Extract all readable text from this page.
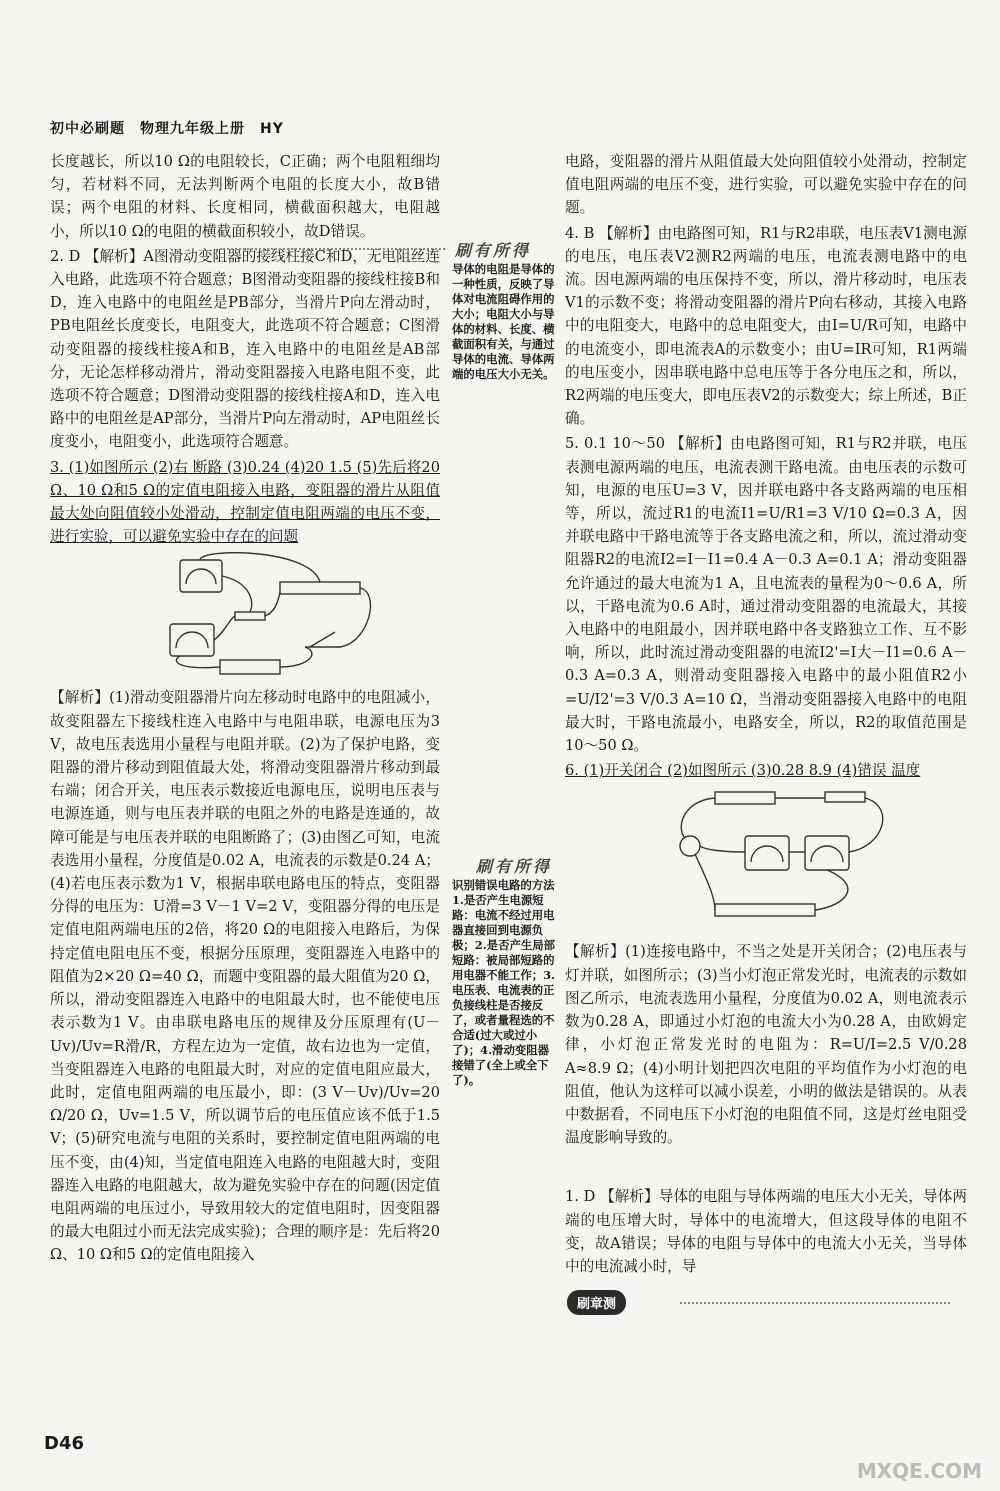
初中必刷题　物理九年级上册　HY

长度越长，所以10 Ω的电阻较长，C正确；两个电阻粗细均匀，若材料不同，无法判断两个电阻的长度大小，故B错误；两个电阻的材料、长度相同，横截面积越大，电阻越小，所以10 Ω的电阻的横截面积较小，故D错误。

2. D 【解析】A图滑动变阻器的接线柱接C和D，无电阻丝连入电路，此选项不符合题意；B图滑动变阻器的接线柱接B和D，连入电路中的电阻丝是PB部分，当滑片P向左滑动时，PB电阻丝长度变长，电阻变大，此选项不符合题意；C图滑动变阻器的接线柱接A和B，连入电路中的电阻丝是AB部分，无论怎样移动滑片，滑动变阻器接入电路电阻不变，此选项不符合题意；D图滑动变阻器的接线柱接A和D，连入电路中的电阻丝是AP部分，当滑片P向左滑动时，AP电阻丝长度变小，电阻变小，此选项符合题意。

3. (1)如图所示 (2)右 断路 (3)0.24 (4)20 1.5 (5)先后将20 Ω、10 Ω和5 Ω的定值电阻接入电路，变阻器的滑片从阻值最大处向阻值较小处滑动，控制定值电阻两端的电压不变，进行实验，可以避免实验中存在的问题

【解析】(1)滑动变阻器滑片向左移动时电路中的电阻减小，故变阻器左下接线柱连入电路中与电阻串联，电源电压为3 V，故电压表选用小量程与电阻并联。(2)为了保护电路，变阻器的滑片移动到阻值最大处，将滑动变阻器滑片移动到最右端；闭合开关，电压表示数接近电源电压，说明电压表与电源连通，则与电压表并联的电阻之外的电路是连通的，故障可能是与电压表并联的电阻断路了；(3)由图乙可知，电流表选用小量程，分度值是0.02 A，电流表的示数是0.24 A；(4)若电压表示数为1 V，根据串联电路电压的特点，变阻器分得的电压为：U滑=3 V－1 V=2 V，变阻器分得的电压是定值电阻两端电压的2倍，将20 Ω的电阻接入电路后，为保持定值电阻电压不变，根据分压原理，变阻器连入电路中的阻值为2×20 Ω=40 Ω，而题中变阻器的最大阻值为20 Ω，所以，滑动变阻器连入电路中的电阻最大时，也不能使电压表示数为1 V。由串联电路电压的规律及分压原理有(U－Uv)/Uv=R滑/R，方程左边为一定值，故右边也为一定值，当变阻器连入电路的电阻最大时，对应的定值电阻应最大，此时，定值电阻两端的电压最小，即：(3 V－Uv)/Uv=20 Ω/20 Ω，Uv=1.5 V，所以调节后的电压值应该不低于1.5 V；(5)研究电流与电阻的关系时，要控制定值电阻两端的电压不变，由(4)知，当定值电阻连入电路的电阻越大时，变阻器连入电路的电阻越大，故为避免实验中存在的问题(因定值电阻两端的电压过小，导致用较大的定值电阻时，因变阻器的最大电阻过小而无法完成实验)；合理的顺序是：先后将20 Ω、10 Ω和5 Ω的定值电阻接入

刷有所得
导体的电阻是导体的一种性质，反映了导体对电流阻碍作用的大小；电阻大小与导体的材料、长度、横截面积有关，与通过导体的电流、导体两端的电压大小无关。
刷有所得
识别错误电路的方法 1.是否产生电源短路：电流不经过用电器直接回到电源负极；2.是否产生局部短路：被局部短路的用电器不能工作；3.电压表、电流表的正负接线柱是否接反了，或者量程选的不合适(过大或过小了)；4.滑动变阻器接错了(全上或全下了)。

电路，变阻器的滑片从阻值最大处向阻值较小处滑动，控制定值电阻两端的电压不变，进行实验，可以避免实验中存在的问题。

4. B 【解析】由电路图可知，R1与R2串联，电压表V1测电源的电压，电压表V2测R2两端的电压，电流表测电路中的电流。因电源两端的电压保持不变，所以，滑片移动时，电压表V1的示数不变；将滑动变阻器的滑片P向右移动，其接入电路中的电阻变大，电路中的总电阻变大，由I=U/R可知，电路中的电流变小，即电流表A的示数变小；由U=IR可知，R1两端的电压变小，因串联电路中总电压等于各分电压之和，所以，R2两端的电压变大，即电压表V2的示数变大；综上所述，B正确。

5. 0.1 10～50 【解析】由电路图可知，R1与R2并联，电压表测电源两端的电压，电流表测干路电流。由电压表的示数可知，电源的电压U=3 V，因并联电路中各支路两端的电压相等，所以，流过R1的电流I1=U/R1=3 V/10 Ω=0.3 A，因并联电路中干路电流等于各支路电流之和，所以，流过滑动变阻器R2的电流I2=I－I1=0.4 A－0.3 A=0.1 A；滑动变阻器允许通过的最大电流为1 A，且电流表的量程为0～0.6 A，所以，干路电流为0.6 A时，通过滑动变阻器的电流最大，其接入电路中的电阻最小，因并联电路中各支路独立工作、互不影响，所以，此时流过滑动变阻器的电流I2'=I大－I1=0.6 A－0.3 A=0.3 A，则滑动变阻器接入电路中的最小阻值R2小=U/I2'=3 V/0.3 A=10 Ω，当滑动变阻器接入电路中的电阻最大时，干路电流最小，电路安全，所以，R2的取值范围是10～50 Ω。

6. (1)开关闭合 (2)如图所示 (3)0.28 8.9 (4)错误 温度

【解析】(1)连接电路中，不当之处是开关闭合；(2)电压表与灯并联，如图所示；(3)当小灯泡正常发光时，电流表的示数如图乙所示，电流表选用小量程，分度值为0.02 A，则电流表示数为0.28 A，即通过小灯泡的电流大小为0.28 A，由欧姆定律，小灯泡正常发光时的电阻为：R=U/I=2.5 V/0.28 A≈8.9 Ω；(4)小明计划把四次电阻的平均值作为小灯泡的电阻值，他认为这样可以减小误差，小明的做法是错误的。从表中数据看，不同电压下小灯泡的电阻值不同，这是灯丝电阻受温度影响导致的。

1. D 【解析】导体的电阻与导体两端的电压大小无关，导体两端的电压增大时，导体中的电流增大，但这段导体的电阻不变，故A错误；导体的电阻与导体中的电流大小无关，当导体中的电流减小时，导

刷章测
D46
MXQE.COM
